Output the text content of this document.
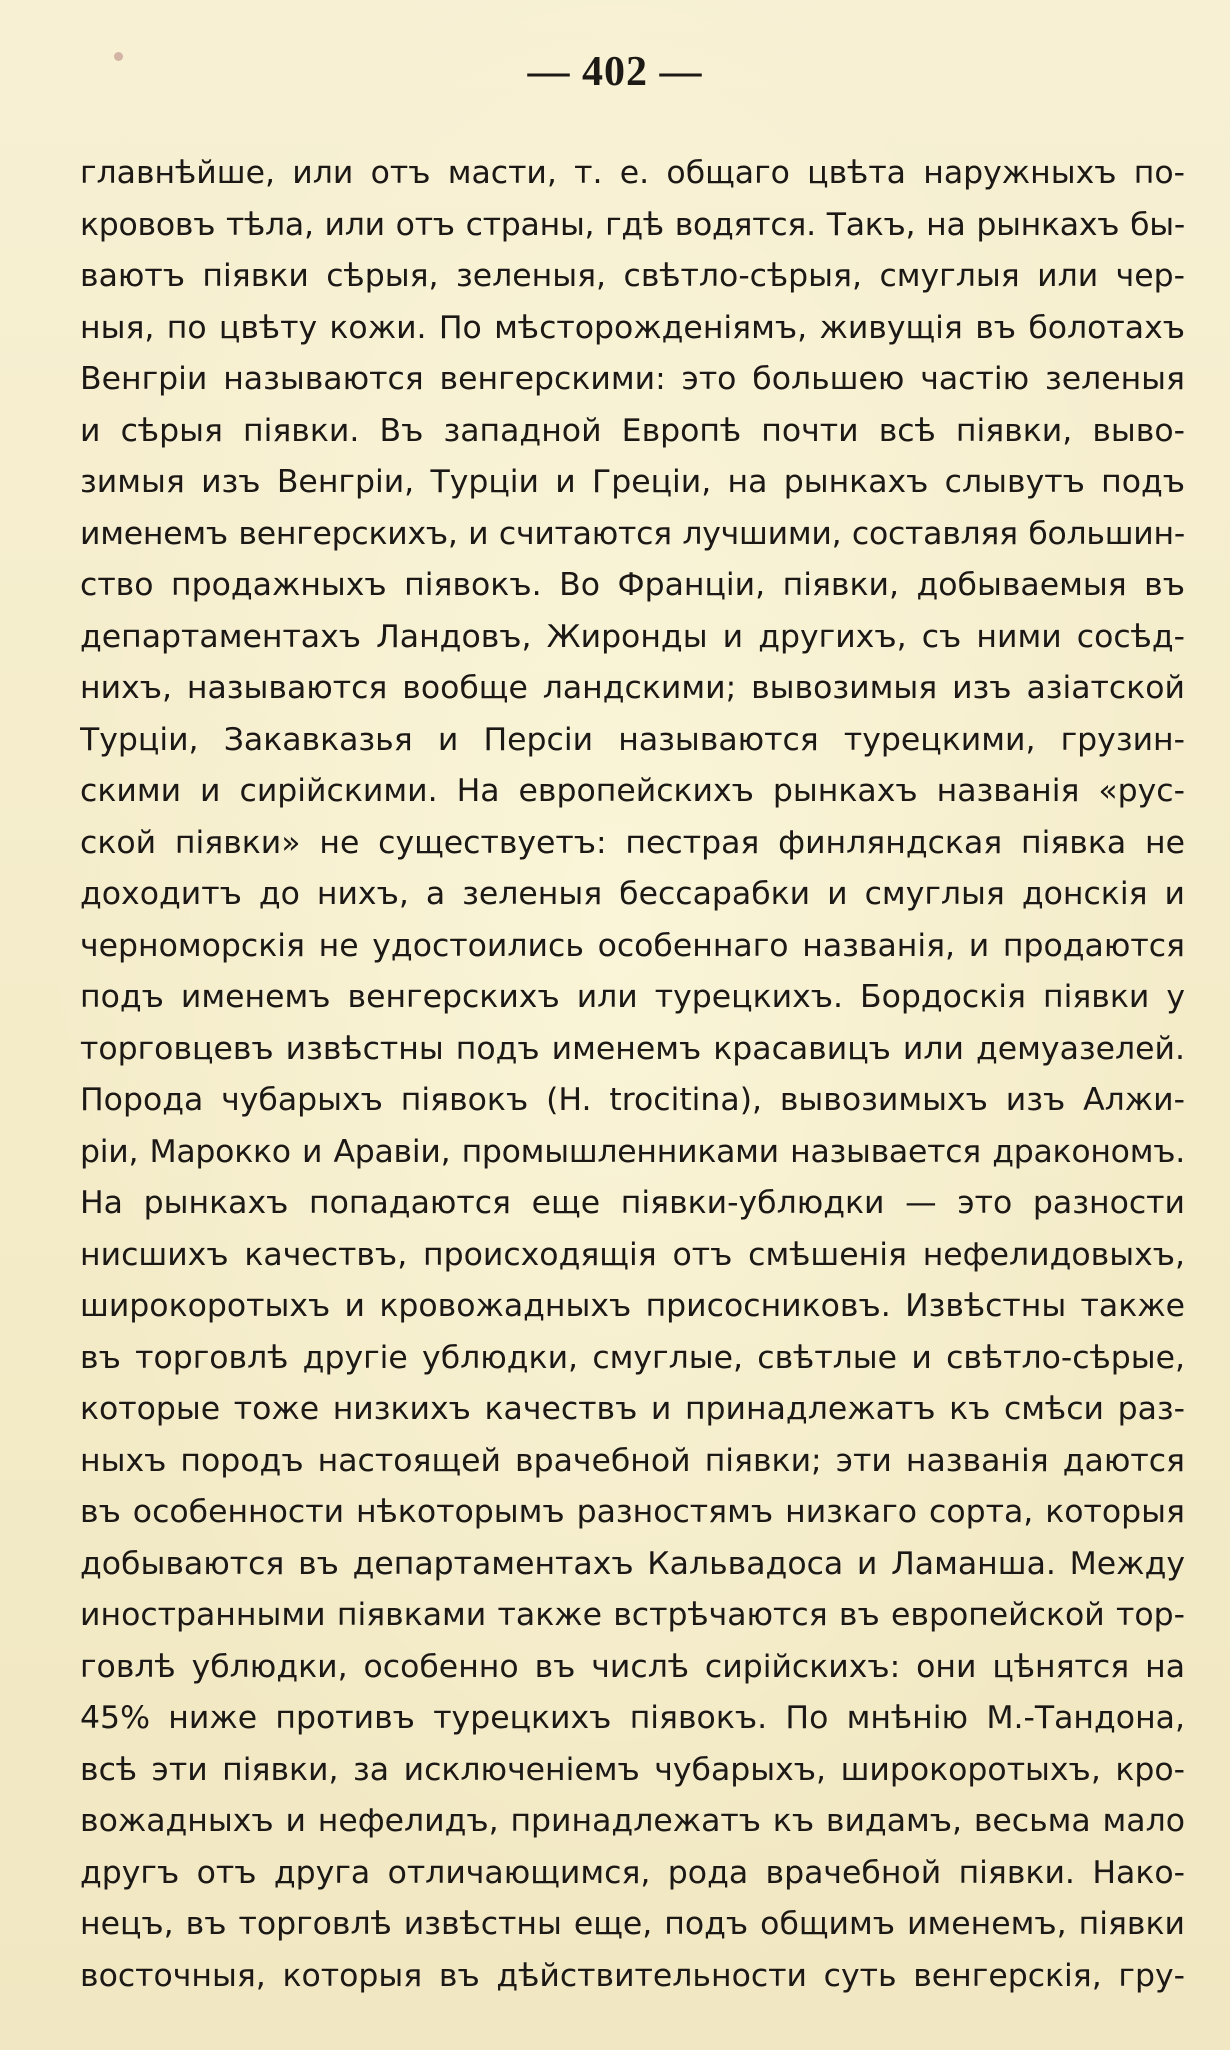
— 402 —
главнѣйше, или отъ масти, т. е. общаго цвѣта наружныхъ по-
крововъ тѣла, или отъ страны, гдѣ водятся. Такъ, на рынкахъ бы-
ваютъ піявки сѣрыя, зеленыя, свѣтло-сѣрыя, смуглыя или чер-
ныя, по цвѣту кожи. По мѣсторожденіямъ, живущія въ болотахъ
Венгріи называются венгерскими: это большею частію зеленыя
и сѣрыя піявки. Въ западной Европѣ почти всѣ піявки, выво-
зимыя изъ Венгріи, Турціи и Греціи, на рынкахъ слывутъ подъ
именемъ венгерскихъ, и считаются лучшими, составляя большин-
ство продажныхъ піявокъ. Во Франціи, піявки, добываемыя въ
департаментахъ Ландовъ, Жиронды и другихъ, съ ними сосѣд-
нихъ, называются вообще ландскими; вывозимыя изъ азіатской
Турціи, Закавказья и Персіи называются турецкими, грузин-
скими и сирійскими. На европейскихъ рынкахъ названія «рус-
ской піявки» не существуетъ: пестрая финляндская піявка не
доходитъ до нихъ, а зеленыя бессарабки и смуглыя донскія и
черноморскія не удостоились особеннаго названія, и продаются
подъ именемъ венгерскихъ или турецкихъ. Бордоскія піявки у
торговцевъ извѣстны подъ именемъ красавицъ или демуазелей.
Порода чубарыхъ піявокъ (H. trocitina), вывозимыхъ изъ Алжи-
ріи, Марокко и Аравіи, промышленниками называется дракономъ.
На рынкахъ попадаются еще піявки-ублюдки — это разности
нисшихъ качествъ, происходящія отъ смѣшенія нефелидовыхъ,
широкоротыхъ и кровожадныхъ присосниковъ. Извѣстны также
въ торговлѣ другіе ублюдки, смуглые, свѣтлые и свѣтло-сѣрые,
которые тоже низкихъ качествъ и принадлежатъ къ смѣси раз-
ныхъ породъ настоящей врачебной піявки; эти названія даются
въ особенности нѣкоторымъ разностямъ низкаго сорта, которыя
добываются въ департаментахъ Кальвадоса и Ламанша. Между
иностранными піявками также встрѣчаются въ европейской тор-
говлѣ ублюдки, особенно въ числѣ сирійскихъ: они цѣнятся на
45% ниже противъ турецкихъ піявокъ. По мнѣнію М.-Тандона,
всѣ эти піявки, за исключеніемъ чубарыхъ, широкоротыхъ, кро-
вожадныхъ и нефелидъ, принадлежатъ къ видамъ, весьма мало
другъ отъ друга отличающимся, рода врачебной піявки. Нако-
нецъ, въ торговлѣ извѣстны еще, подъ общимъ именемъ, піявки
восточныя, которыя въ дѣйствительности суть венгерскія, гру-
